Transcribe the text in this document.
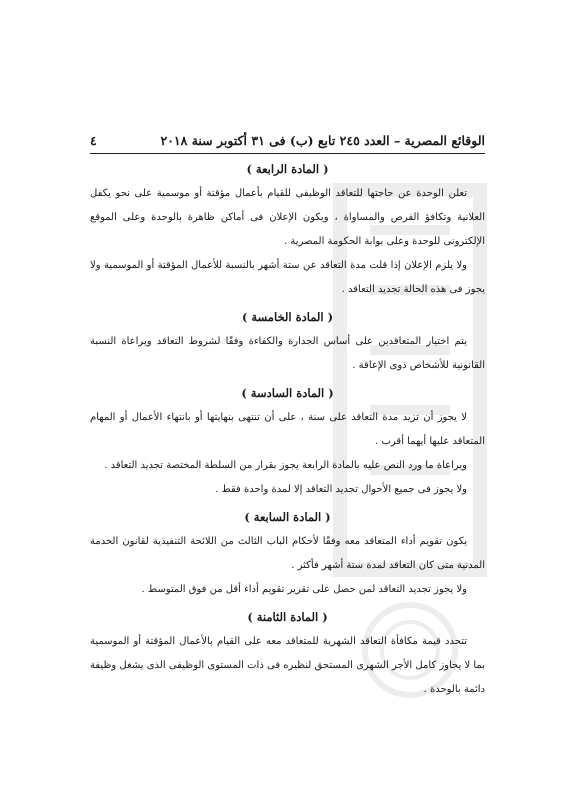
الوقائع المصرية – العدد ٢٤٥ تابع (ب) فى ٣١ أكتوبر سنة ٢٠١٨
٤
( المادة الرابعة )

تعلن الوحدة عن حاجتها للتعاقد الوظيفى للقيام بأعمال مؤقتة أو موسمية على نحو يكفل العلانية وتكافؤ الفرص والمساواة ، ويكون الإعلان فى أماكن ظاهرة بالوحدة وعلى الموقع الإلكترونى للوحدة وعلى بوابة الحكومة المصرية .

ولا يلزم الإعلان إذا قلت مدة التعاقد عن ستة أشهر بالنسبة للأعمال المؤقتة أو الموسمية ولا يجوز فى هذه الحالة تجديد التعاقد .

( المادة الخامسة )

يتم اختيار المتعاقدين على أساس الجدارة والكفاءة وفقًا لشروط التعاقد ويراعاة النسبة القانونية للأشخاص ذوى الإعاقة .

( المادة السادسة )

لا يجوز أن تزيد مدة التعاقد على سنة ، على أن تنتهى بنهايتها أو بانتهاء الأعمال أو المهام المتعاقد عليها أيهما أقرب .

ويراعاة ما ورد النص عليه بالمادة الرابعة يجوز بقرار من السلطة المختصة تجديد التعاقد .

ولا يجوز فى جميع الأحوال تجديد التعاقد إلا لمدة واحدة فقط .

( المادة السابعة )

يكون تقويم أداء المتعاقد معه وفقًا لأحكام الباب الثالث من اللائحة التنفيذية لقانون الخدمة المدنية متى كان التعاقد لمدة ستة أشهر فأكثر .

ولا يجوز تجديد التعاقد لمن حصل على تقرير تقويم أداء أقل من فوق المتوسط .

( المادة الثامنة )

تتحدد قيمة مكافأة التعاقد الشهرية للمتعاقد معه على القيام بالأعمال المؤقتة أو الموسمية بما لا يجاوز كامل الأجر الشهرى المستحق لنظيره فى ذات المستوى الوظيفى الذى يشغل وظيفة دائمة بالوحدة .
